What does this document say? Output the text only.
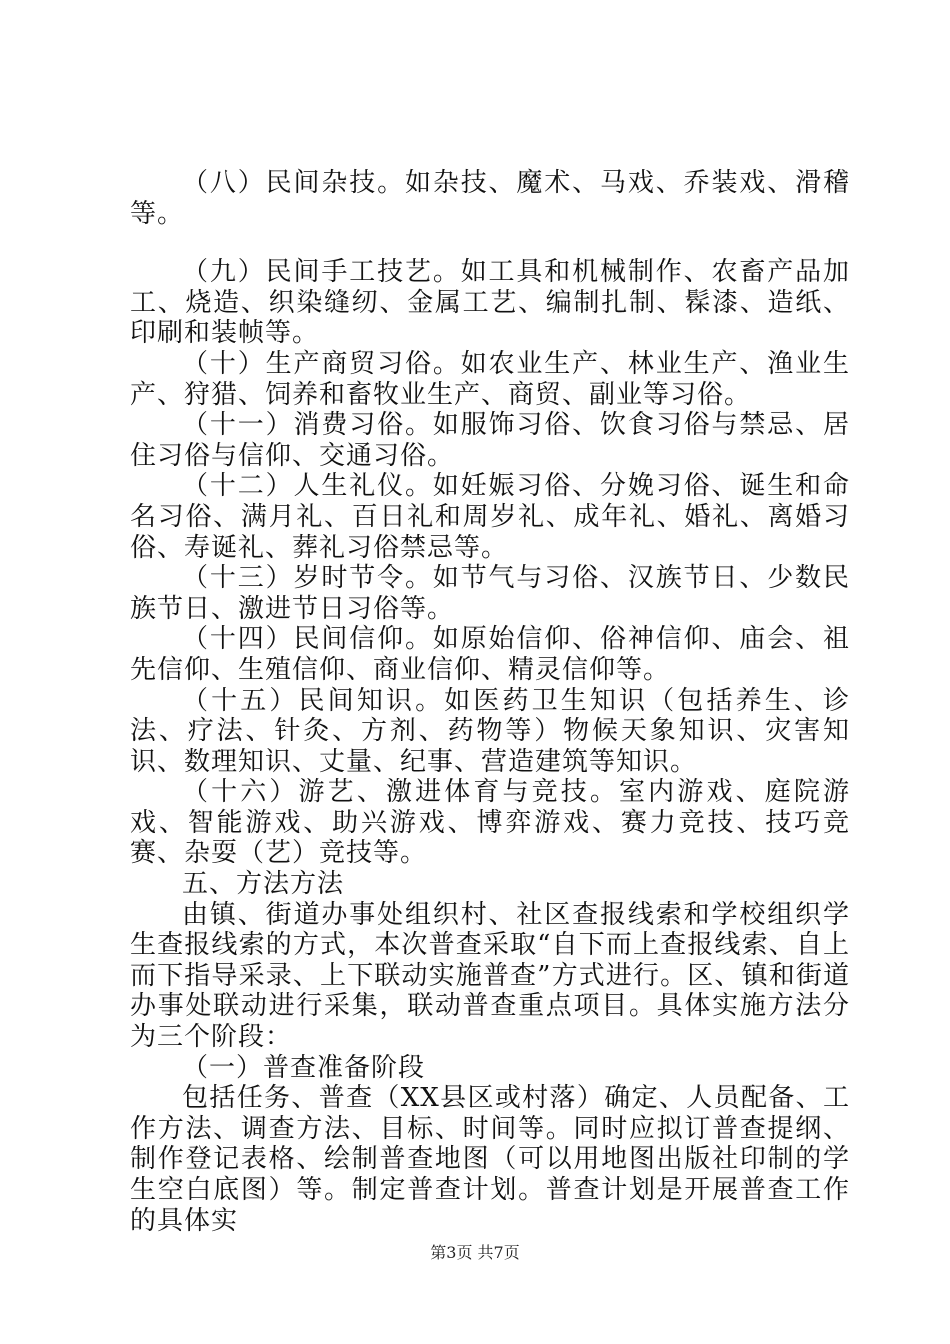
（八）民间杂技。如杂技、魔术、马戏、乔装戏、滑稽等。

（九）民间手工技艺。如工具和机械制作、农畜产品加工、烧造、织染缝纫、金属工艺、编制扎制、髹漆、造纸、印刷和装帧等。

（十）生产商贸习俗。如农业生产、林业生产、渔业生产、狩猎、饲养和畜牧业生产、商贸、副业等习俗。

（十一）消费习俗。如服饰习俗、饮食习俗与禁忌、居住习俗与信仰、交通习俗。

（十二）人生礼仪。如妊娠习俗、分娩习俗、诞生和命名习俗、满月礼、百日礼和周岁礼、成年礼、婚礼、离婚习俗、寿诞礼、葬礼习俗禁忌等。

（十三）岁时节令。如节气与习俗、汉族节日、少数民族节日、激进节日习俗等。

（十四）民间信仰。如原始信仰、俗神信仰、庙会、祖先信仰、生殖信仰、商业信仰、精灵信仰等。

（十五）民间知识。如医药卫生知识（包括养生、诊法、疗法、针灸、方剂、药物等）物候天象知识、灾害知识、数理知识、丈量、纪事、营造建筑等知识。

（十六）游艺、激进体育与竞技。室内游戏、庭院游戏、智能游戏、助兴游戏、博弈游戏、赛力竞技、技巧竞赛、杂耍（艺）竞技等。

五、方法方法

由镇、街道办事处组织村、社区查报线索和学校组织学生查报线索的方式，本次普查采取“自下而上查报线索、自上而下指导采录、上下联动实施普查”方式进行。区、镇和街道办事处联动进行采集，联动普查重点项目。具体实施方法分为三个阶段：

（一）普查准备阶段

包括任务、普查（XX县区或村落）确定、人员配备、工作方法、调查方法、目标、时间等。同时应拟订普查提纲、制作登记表格、绘制普查地图（可以用地图出版社印制的学生空白底图）等。制定普查计划。普查计划是开展普查工作的具体实

第3页 共7页
